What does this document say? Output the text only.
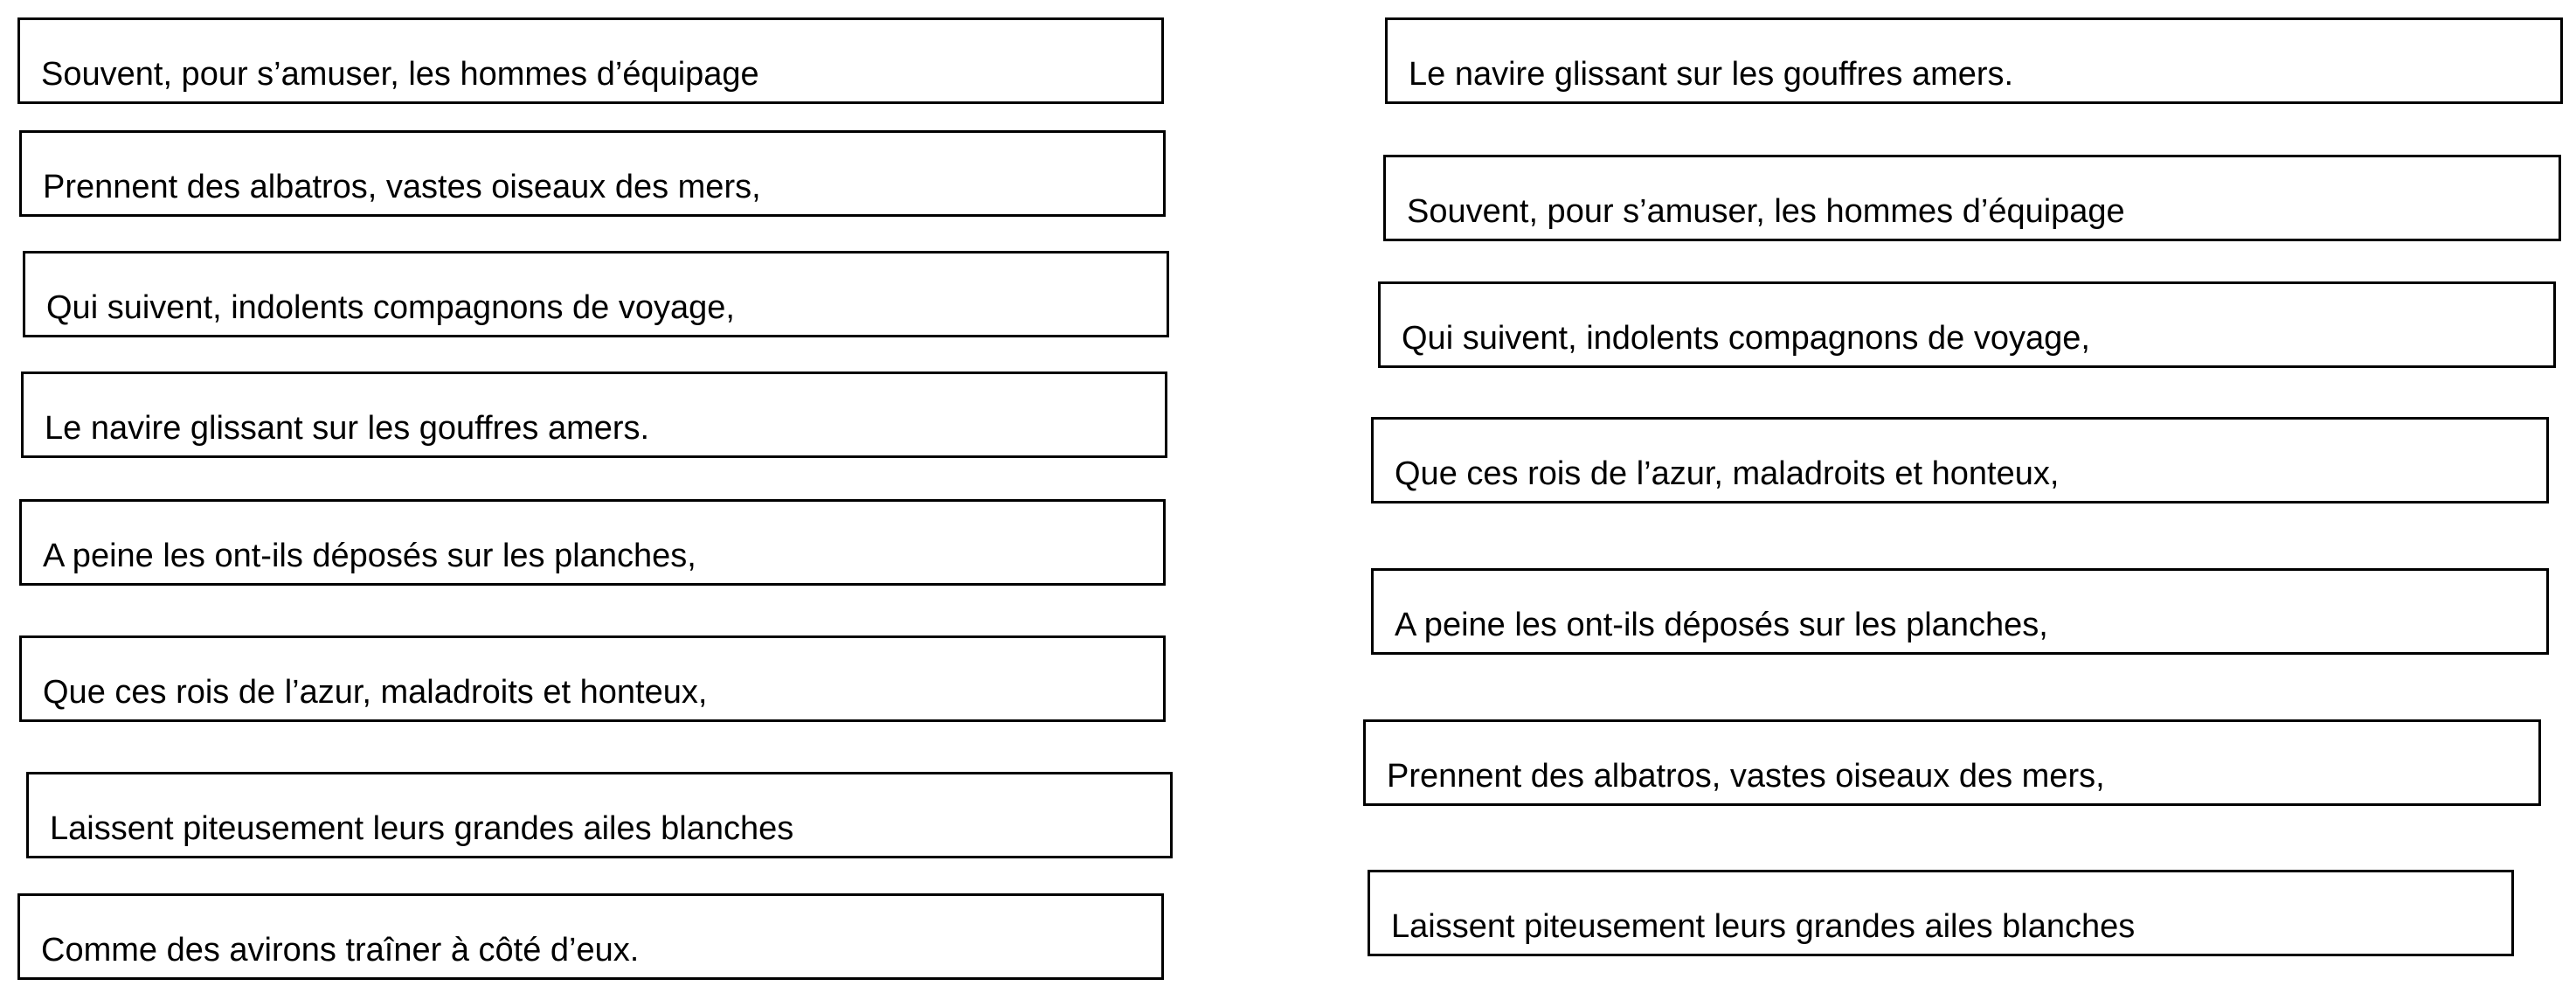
Souvent, pour s’amuser, les hommes d’équipage
Prennent des albatros, vastes oiseaux des mers,
Qui suivent, indolents compagnons de voyage,
Le navire glissant sur les gouffres amers.
A peine les ont-ils déposés sur les planches,
Que ces rois de l’azur, maladroits et honteux,
Laissent piteusement leurs grandes ailes blanches
Comme des avirons traîner à côté d’eux.
Le navire glissant sur les gouffres amers.
Souvent, pour s’amuser, les hommes d’équipage
Qui suivent, indolents compagnons de voyage,
Que ces rois de l’azur, maladroits et honteux,
A peine les ont-ils déposés sur les planches,
Prennent des albatros, vastes oiseaux des mers,
Laissent piteusement leurs grandes ailes blanches
